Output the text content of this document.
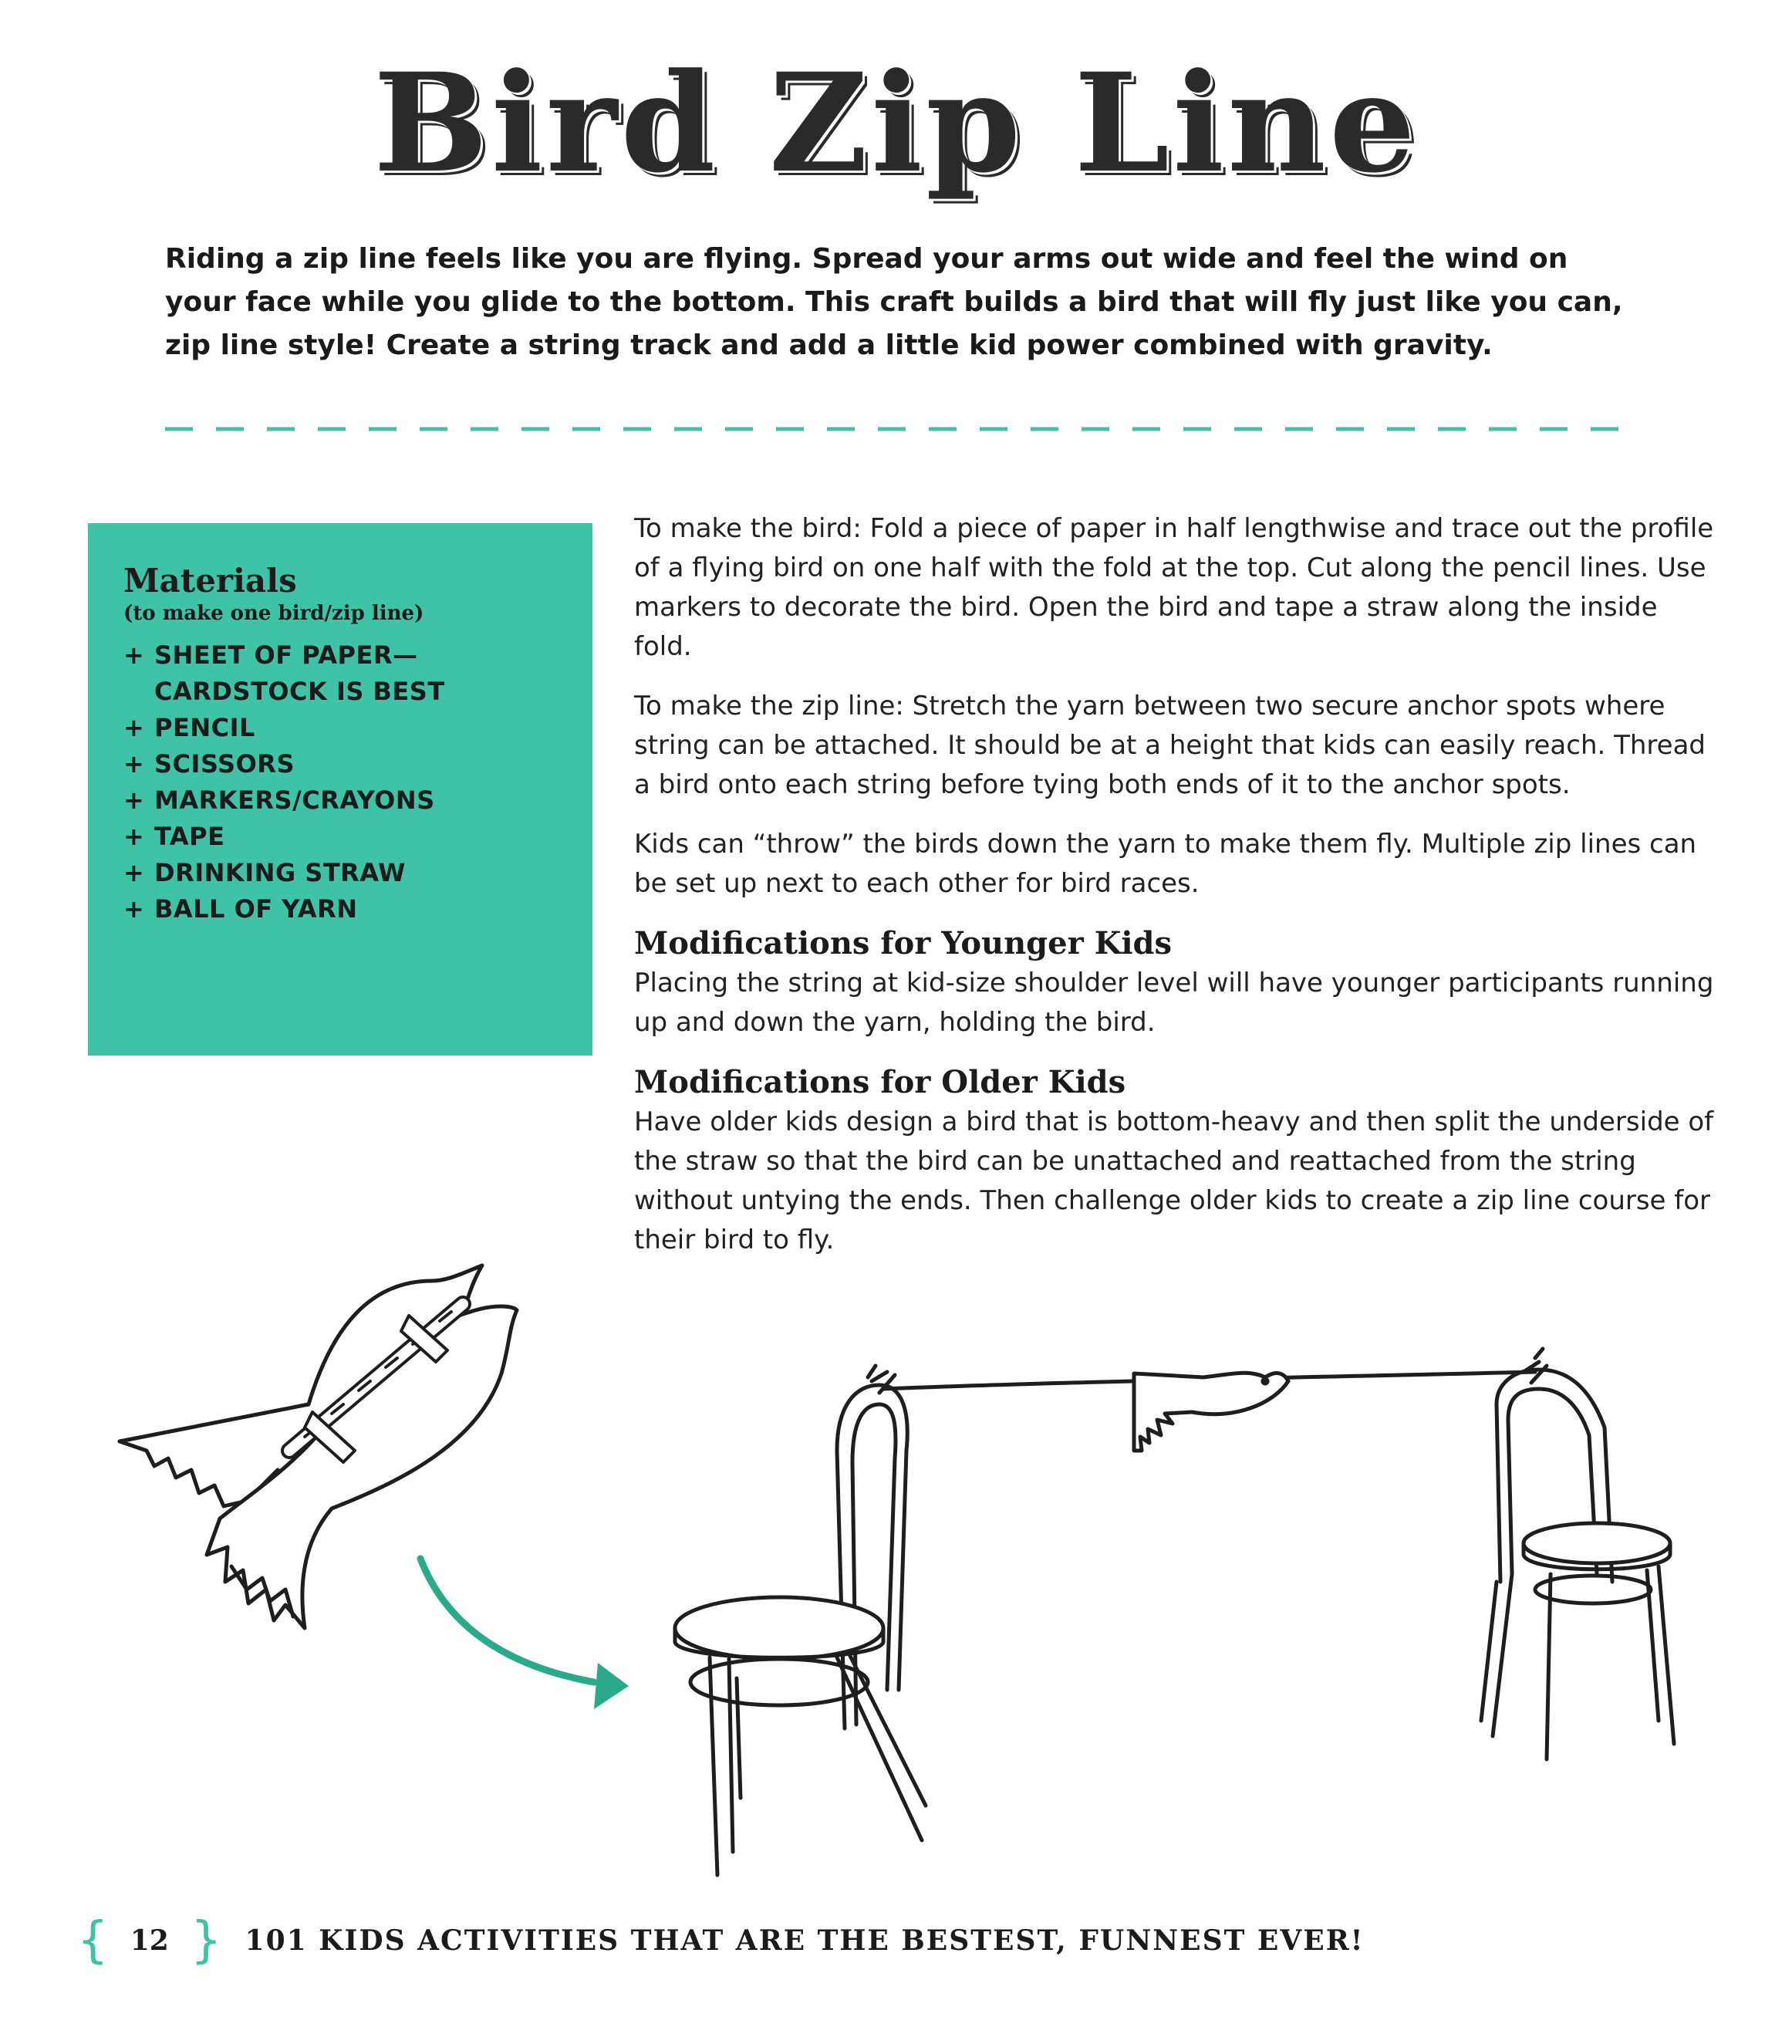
Bird Zip Line
Riding a zip line feels like you are flying. Spread your arms out wide and feel the wind on your face while you glide to the bottom. This craft builds a bird that will fly just like you can, zip line style! Create a string track and add a little kid power combined with gravity.
Materials
(to make one bird/zip line)
+ SHEET OF PAPER—CARDSTOCK IS BEST
+ PENCIL
+ SCISSORS
+ MARKERS/CRAYONS
+ TAPE
+ DRINKING STRAW
+ BALL OF YARN

To make the bird: Fold a piece of paper in half lengthwise and trace out the profile of a flying bird on one half with the fold at the top. Cut along the pencil lines. Use markers to decorate the bird. Open the bird and tape a straw along the inside fold.

To make the zip line: Stretch the yarn between two secure anchor spots where string can be attached. It should be at a height that kids can easily reach. Thread a bird onto each string before tying both ends of it to the anchor spots.

Kids can “throw” the birds down the yarn to make them fly. Multiple zip lines can be set up next to each other for bird races.

Modifications for Younger Kids

Placing the string at kid-size shoulder level will have younger participants running up and down the yarn, holding the bird.

Modifications for Older Kids

Have older kids design a bird that is bottom-heavy and then split the underside of the straw so that the bird can be unattached and reattached from the string without untying the ends. Then challenge older kids to create a zip line course for their bird to fly.

{ 12 } 101 KIDS ACTIVITIES THAT ARE THE BESTEST, FUNNEST EVER!
